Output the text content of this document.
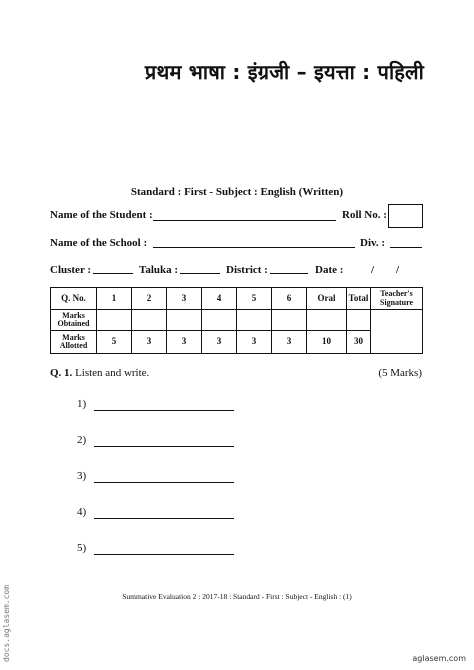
प्रथम भाषा : इंग्रजी – इयत्ता : पहिली
Standard : First - Subject : English (Written)
Name of the Student :	Roll No. :
Name of the School :	Div. :
Cluster :	Taluka :	District :	Date :	/ /
Q. No.	1	2	3	4	5	6	Oral	Total	Teacher's Signature
Marks Obtained									
Marks Allotted	5	3	3	3	3	3	10	30	
Q. 1. Listen and write.	(5 Marks)
1)
2)
3)
4)
5)
Summative Evaluation 2 : 2017-18 : Standard - First : Subject - English : (1)
docs.aglasem.com	aglasem.com
